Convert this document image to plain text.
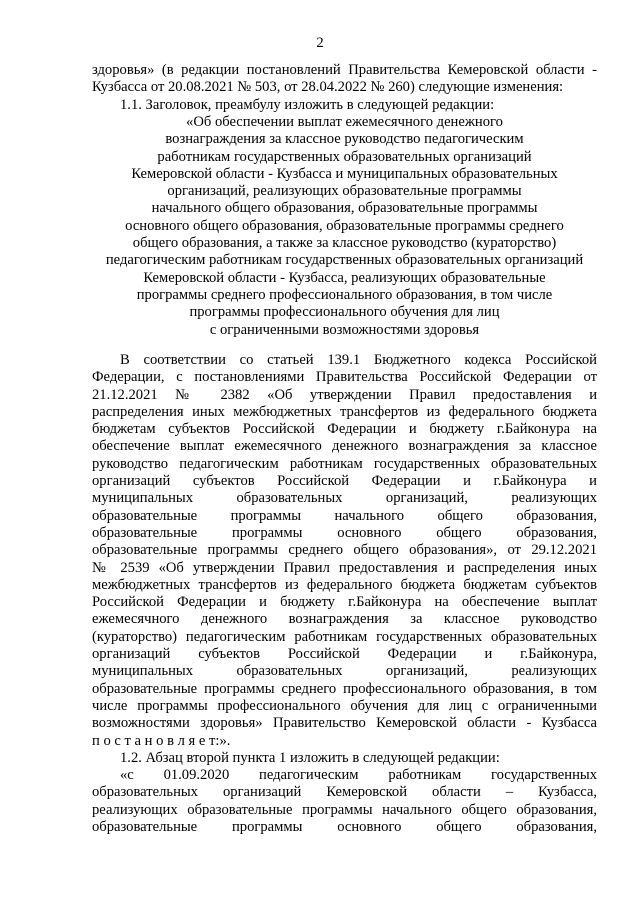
2
здоровья» (в редакции постановлений Правительства Кемеровской области -
Кузбасса от 20.08.2021 № 503, от 28.04.2022 № 260) следующие изменения:
1.1. Заголовок, преамбулу изложить в следующей редакции:
«Об обеспечении выплат ежемесячного денежного
вознаграждения за классное руководство педагогическим
работникам государственных образовательных организаций
Кемеровской области - Кузбасса и муниципальных образовательных
организаций, реализующих образовательные программы
начального общего образования, образовательные программы
основного общего образования, образовательные программы среднего
общего образования, а также за классное руководство (кураторство)
педагогическим работникам государственных образовательных организаций
Кемеровской области - Кузбасса, реализующих образовательные
программы среднего профессионального образования, в том числе
программы профессионального обучения для лиц
с ограниченными возможностями здоровья
В соответствии со статьей 139.1 Бюджетного кодекса Российской
Федерации, с постановлениями Правительства Российской Федерации от
21.12.2021 № 2382 «Об утверждении Правил предоставления и
распределения иных межбюджетных трансфертов из федерального бюджета
бюджетам субъектов Российской Федерации и бюджету г.Байконура на
обеспечение выплат ежемесячного денежного вознаграждения за классное
руководство педагогическим работникам государственных образовательных
организаций субъектов Российской Федерации и г.Байконура и
муниципальных образовательных организаций, реализующих
образовательные программы начального общего образования,
образовательные программы основного общего образования,
образовательные программы среднего общего образования», от 29.12.2021
№ 2539 «Об утверждении Правил предоставления и распределения иных
межбюджетных трансфертов из федерального бюджета бюджетам субъектов
Российской Федерации и бюджету г.Байконура на обеспечение выплат
ежемесячного денежного вознаграждения за классное руководство
(кураторство) педагогическим работникам государственных образовательных
организаций субъектов Российской Федерации и г.Байконура,
муниципальных образовательных организаций, реализующих
образовательные программы среднего профессионального образования, в том
числе программы профессионального обучения для лиц с ограниченными
возможностями здоровья» Правительство Кемеровской области - Кузбасса
п о с т а н о в л я е т:».
1.2. Абзац второй пункта 1 изложить в следующей редакции:
«с 01.09.2020 педагогическим работникам государственных
образовательных организаций Кемеровской области – Кузбасса,
реализующих образовательные программы начального общего образования,
образовательные программы основного общего образования,
